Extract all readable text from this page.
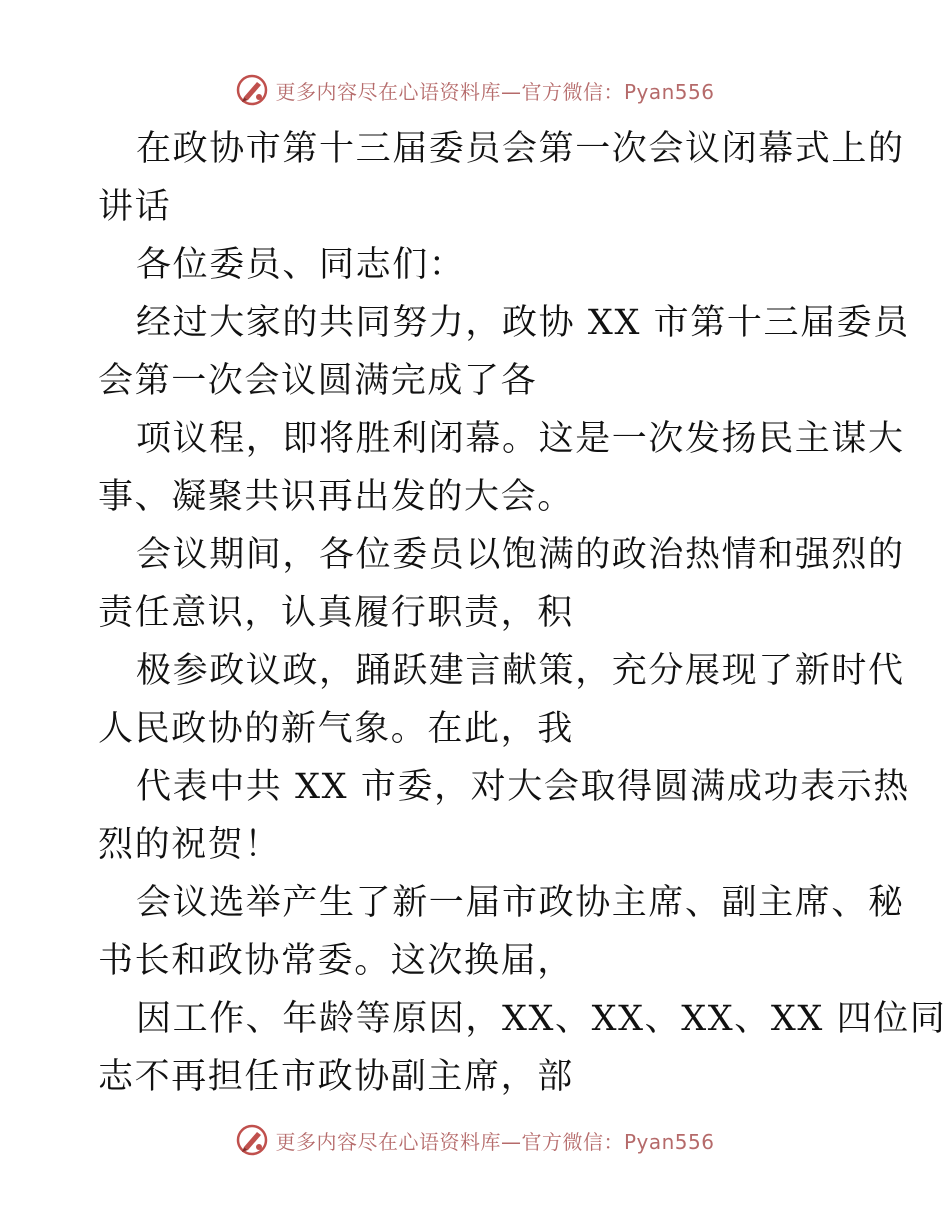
更多内容尽在心语资料库—官方微信：Pyan556
在政协市第十三届委员会第一次会议闭幕式上的
讲话
各位委员、同志们：
经过大家的共同努力，政协 XX 市第十三届委员
会第一次会议圆满完成了各
项议程，即将胜利闭幕。这是一次发扬民主谋大
事、凝聚共识再出发的大会。
会议期间，各位委员以饱满的政治热情和强烈的
责任意识，认真履行职责，积
极参政议政，踊跃建言献策，充分展现了新时代
人民政协的新气象。在此，我
代表中共 XX 市委，对大会取得圆满成功表示热
烈的祝贺！
会议选举产生了新一届市政协主席、副主席、秘
书长和政协常委。这次换届，
因工作、年龄等原因，XX、XX、XX、XX 四位同
志不再担任市政协副主席，部
更多内容尽在心语资料库—官方微信：Pyan556
